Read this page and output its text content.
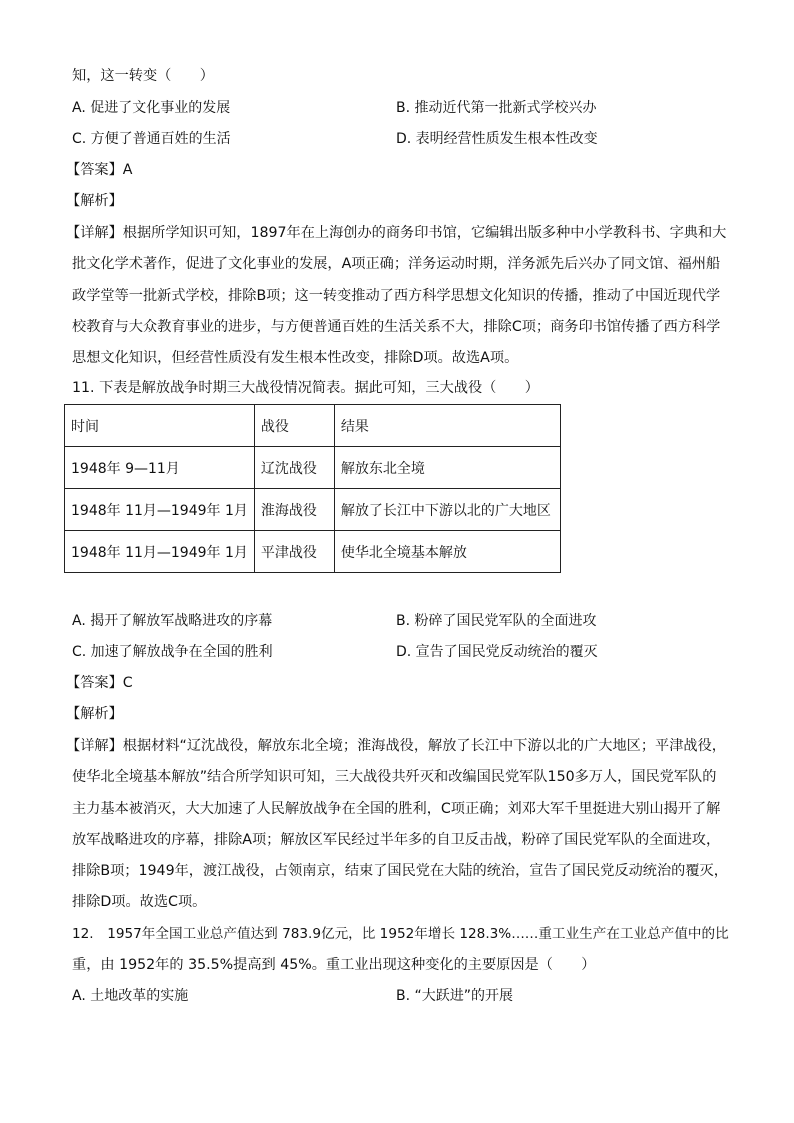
知，这一转变（　　）
A. 促进了文化事业的发展	B. 推动近代第一批新式学校兴办
C. 方便了普通百姓的生活	D. 表明经营性质发生根本性改变
【答案】A
【解析】
【详解】根据所学知识可知，1897年在上海创办的商务印书馆，它编辑出版多种中小学教科书、字典和大
批文化学术著作，促进了文化事业的发展，A项正确；洋务运动时期，洋务派先后兴办了同文馆、福州船
政学堂等一批新式学校，排除B项；这一转变推动了西方科学思想文化知识的传播，推动了中国近现代学
校教育与大众教育事业的进步，与方便普通百姓的生活关系不大，排除C项；商务印书馆传播了西方科学
思想文化知识，但经营性质没有发生根本性改变，排除D项。故选A项。
11. 下表是解放战争时期三大战役情况简表。据此可知，三大战役（　　）
时间	战役	结果
1948年 9—11月	辽沈战役	解放东北全境
1948年 11月—1949年 1月	淮海战役	解放了长江中下游以北的广大地区
1948年 11月—1949年 1月	平津战役	使华北全境基本解放
A. 揭开了解放军战略进攻的序幕	B. 粉碎了国民党军队的全面进攻
C. 加速了解放战争在全国的胜利	D. 宣告了国民党反动统治的覆灭
【答案】C
【解析】
【详解】根据材料“辽沈战役，解放东北全境；淮海战役，解放了长江中下游以北的广大地区；平津战役，
使华北全境基本解放”结合所学知识可知，三大战役共歼灭和改编国民党军队150多万人，国民党军队的
主力基本被消灭，大大加速了人民解放战争在全国的胜利，C项正确；刘邓大军千里挺进大别山揭开了解
放军战略进攻的序幕，排除A项；解放区军民经过半年多的自卫反击战，粉碎了国民党军队的全面进攻，
排除B项；1949年，渡江战役，占领南京，结束了国民党在大陆的统治，宣告了国民党反动统治的覆灭，
排除D项。故选C项。
12.　1957年全国工业总产值达到 783.9亿元，比 1952年增长 128.3%……重工业生产在工业总产值中的比
重，由 1952年的 35.5%提高到 45%。重工业出现这种变化的主要原因是（　　）
A. 土地改革的实施	B. “大跃进”的开展
